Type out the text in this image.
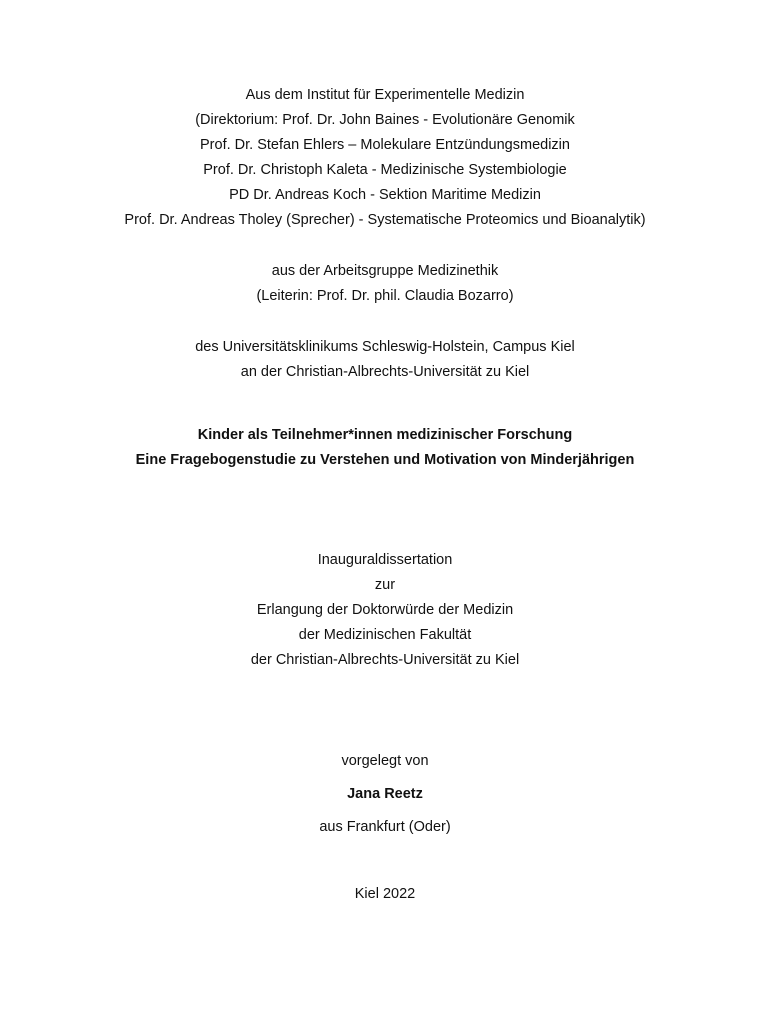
Aus dem Institut für Experimentelle Medizin
(Direktorium: Prof. Dr. John Baines - Evolutionäre Genomik
Prof. Dr. Stefan Ehlers – Molekulare Entzündungsmedizin
Prof. Dr. Christoph Kaleta - Medizinische Systembiologie
PD Dr. Andreas Koch - Sektion Maritime Medizin
Prof. Dr. Andreas Tholey (Sprecher) - Systematische Proteomics und Bioanalytik)
aus der Arbeitsgruppe Medizinethik
(Leiterin: Prof. Dr. phil. Claudia Bozarro)
des Universitätsklinikums Schleswig-Holstein, Campus Kiel
an der Christian-Albrechts-Universität zu Kiel
Kinder als Teilnehmer*innen medizinischer Forschung
Eine Fragebogenstudie zu Verstehen und Motivation von Minderjährigen
Inauguraldissertation
zur
Erlangung der Doktorwürde der Medizin
der Medizinischen Fakultät
der Christian-Albrechts-Universität zu Kiel
vorgelegt von
Jana Reetz
aus Frankfurt (Oder)
Kiel 2022
